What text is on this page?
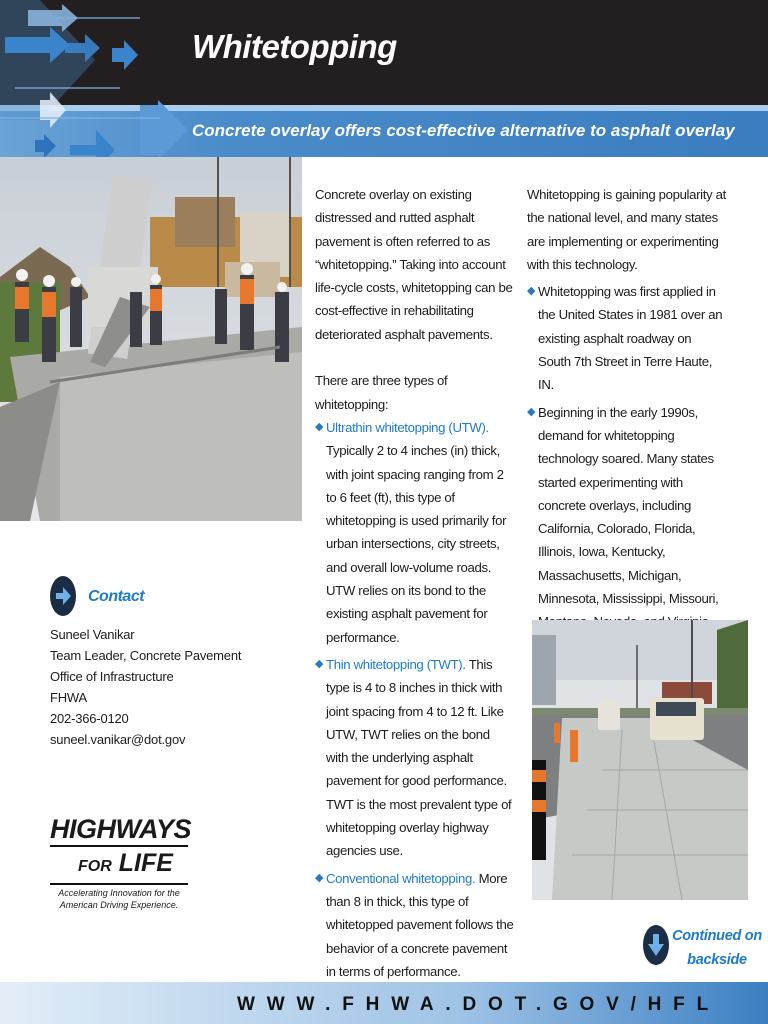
Whitetopping
Concrete overlay offers cost-effective alternative to asphalt overlay

Concrete overlay on existing distressed and rutted asphalt pavement is often referred to as “whitetopping.” Taking into account life-cycle costs, whitetopping can be cost-effective in rehabilitating deteriorated asphalt pavements.

There are three types of whitetopping:

◆ Ultrathin whitetopping (UTW).
Typically 2 to 4 inches (in) thick, with joint spacing ranging from 2 to 6 feet (ft), this type of whitetopping is used primarily for urban intersections, city streets, and overall low-volume roads. UTW relies on its bond to the existing asphalt pavement for performance.
◆ Thin whitetopping (TWT). This type is 4 to 8 inches in thick with joint spacing from 4 to 12 ft. Like UTW, TWT relies on the bond with the underlying asphalt pavement for good performance. TWT is the most prevalent type of whitetopping overlay highway agencies use.
◆ Conventional whitetopping. More than 8 in thick, this type of whitetopped pavement follows the behavior of a concrete pavement in terms of performance.

Whitetopping is gaining popularity at the national level, and many states are implementing or experimenting with this technology.

◆ Whitetopping was first applied in the United States in 1981 over an existing asphalt roadway on South 7th Street in Terre Haute, IN.
◆ Beginning in the early 1990s, demand for whitetopping technology soared. Many states started experimenting with concrete overlays, including California, Colorado, Florida, Illinois, Iowa, Kentucky, Massachusetts, Michigan, Minnesota, Mississippi, Missouri,
Contact
Suneel Vanikar
Team Leader, Concrete Pavement
Office of Infrastructure
FHWA
202-366-0120
suneel.vanikar@dot.gov
HIGHWAYS
FOR LIFE
Accelerating Innovation for the American Driving Experience.
Continued on backside
WWW.FHWA.DOT.GOV/HFL
